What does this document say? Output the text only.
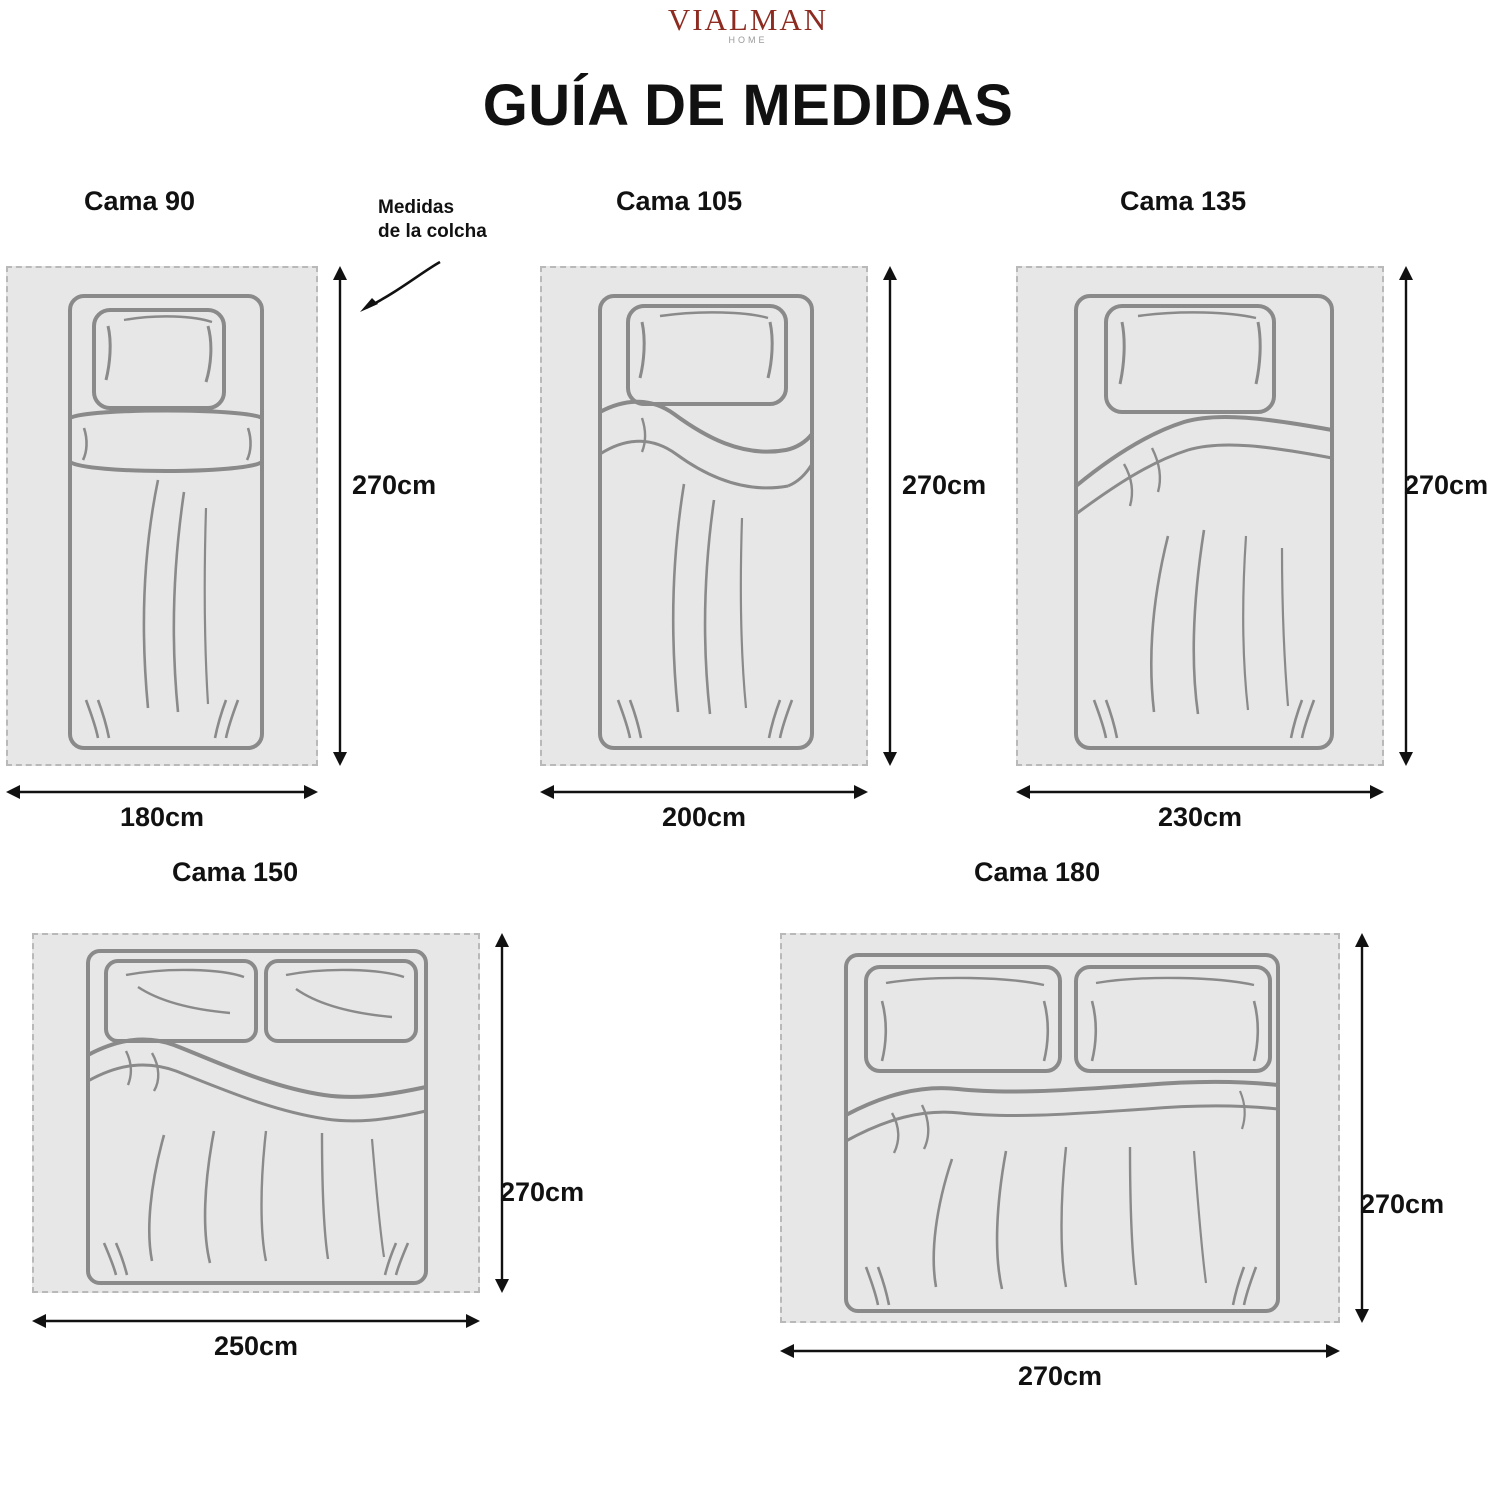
VIALMAN
HOME
GUÍA DE MEDIDAS
Medidas
de la colcha
Cama 90
270cm
180cm
Cama 105
270cm
200cm
Cama 135
270cm
230cm
Cama 150
270cm
250cm
Cama 180
270cm
270cm
